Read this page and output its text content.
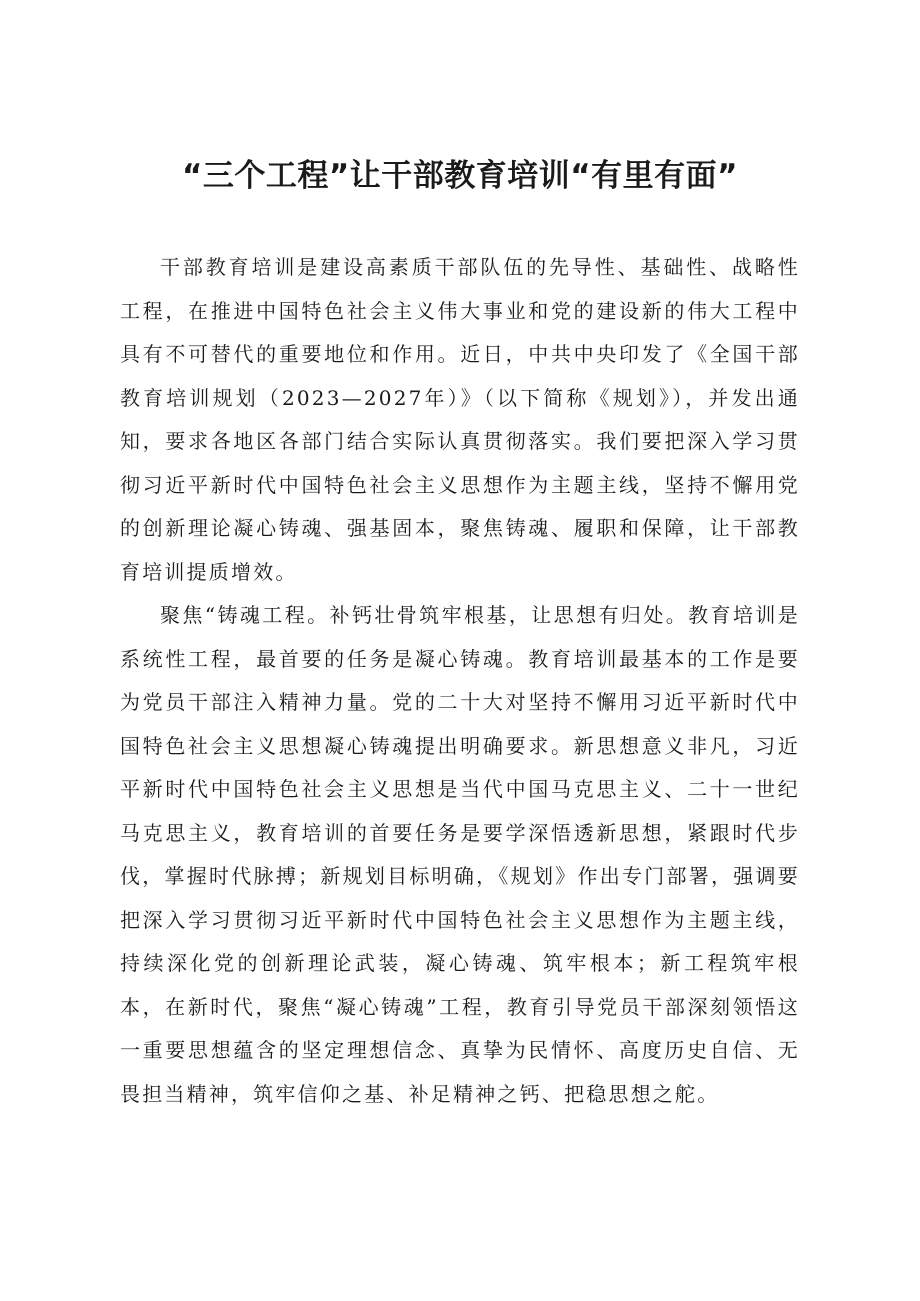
“三个工程”让干部教育培训“有里有面”

干部教育培训是建设高素质干部队伍的先导性、基础性、战略性工程，在推进中国特色社会主义伟大事业和党的建设新的伟大工程中具有不可替代的重要地位和作用。近日，中共中央印发了《全国干部教育培训规划（2023—2027年）》（以下简称《规划》），并发出通知，要求各地区各部门结合实际认真贯彻落实。我们要把深入学习贯彻习近平新时代中国特色社会主义思想作为主题主线，坚持不懈用党的创新理论凝心铸魂、强基固本，聚焦铸魂、履职和保障，让干部教育培训提质增效。

聚焦“铸魂工程。补钙壮骨筑牢根基，让思想有归处。教育培训是系统性工程，最首要的任务是凝心铸魂。教育培训最基本的工作是要为党员干部注入精神力量。党的二十大对坚持不懈用习近平新时代中国特色社会主义思想凝心铸魂提出明确要求。新思想意义非凡，习近平新时代中国特色社会主义思想是当代中国马克思主义、二十一世纪马克思主义，教育培训的首要任务是要学深悟透新思想，紧跟时代步伐，掌握时代脉搏；新规划目标明确，《规划》作出专门部署，强调要把深入学习贯彻习近平新时代中国特色社会主义思想作为主题主线，持续深化党的创新理论武装，凝心铸魂、筑牢根本；新工程筑牢根本，在新时代，聚焦“凝心铸魂”工程，教育引导党员干部深刻领悟这一重要思想蕴含的坚定理想信念、真挚为民情怀、高度历史自信、无畏担当精神，筑牢信仰之基、补足精神之钙、把稳思想之舵。
